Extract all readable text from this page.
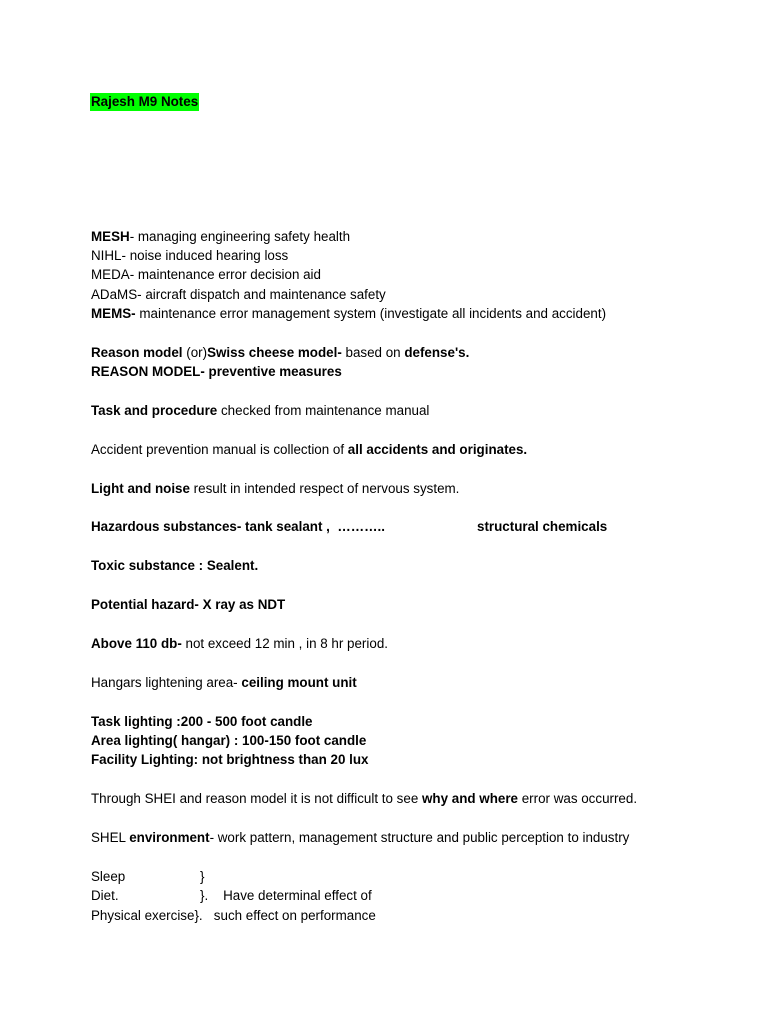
Rajesh M9 Notes
MESH- managing engineering safety health
NIHL- noise induced hearing loss
MEDA- maintenance error decision aid
ADaMS- aircraft dispatch and maintenance safety
MEMS- maintenance error management system (investigate all incidents and accident)
Reason model (or)Swiss cheese model- based on defense's.
REASON MODEL- preventive measures
Task and procedure checked from maintenance manual
Accident prevention manual is collection of all accidents and originates.
Light and noise result in intended respect of nervous system.
Hazardous substances- tank sealant ,  ………..	structural chemicals
Toxic substance : Sealent.
Potential hazard- X ray as NDT
Above 110 db- not exceed 12 min , in 8 hr period.
Hangars lightening area- ceiling mount unit
Task lighting :200 - 500 foot candle
Area lighting( hangar) : 100-150 foot candle
Facility Lighting: not brightness than 20 lux
Through SHEI and reason model it is not difficult to see why and where error was occurred.
SHEL environment- work pattern, management structure and public perception to industry
Sleep	}
Diet.	}.    Have determinal effect of
Physical exercise}.   such effect on performance
